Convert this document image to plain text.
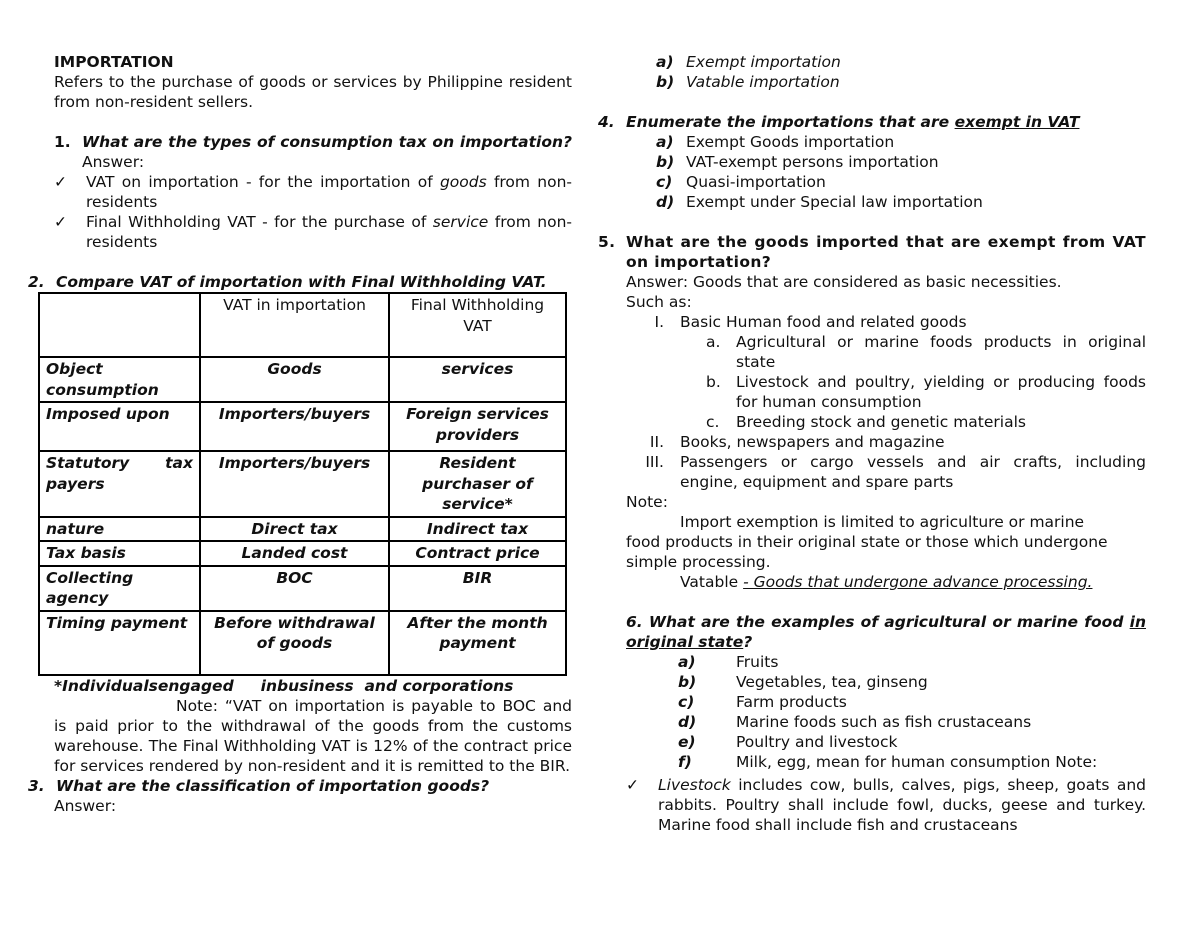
IMPORTATION

Refers to the purchase of goods or services by Philippine resident from non-resident sellers.

1. What are the types of consumption tax on importation? Answer:

✓ VAT on importation - for the importation of goods from non-residents

✓ Final Withholding VAT - for the purchase of service from non-residents

2. Compare VAT of importation with Final Withholding VAT.

	VAT in importation	Final Withholding VAT
Object consumption	Goods	services
Imposed upon	Importers/buyers	Foreign services providers
Statutory tax payers	Importers/buyers	Resident purchaser of service*
nature	Direct tax	Indirect tax
Tax basis	Landed cost	Contract price
Collecting agency	BOC	BIR
Timing payment	Before withdrawal of goods	After the month payment

*Individualsengaged     inbusiness  and corporations

Note: “VAT on importation is payable to BOC and is paid prior to the withdrawal of the goods from the customs warehouse. The Final Withholding VAT is 12% of the contract price for services rendered by non-resident and it is remitted to the BIR.

3. What are the classification of importation goods?

Answer:

a) Exempt importation

b) Vatable importation

4. Enumerate the importations that are exempt in VAT

a) Exempt Goods importation

b) VAT-exempt persons importation

c) Quasi-importation

d) Exempt under Special law importation

5. What are the goods imported that are exempt from VAT on importation?

Answer: Goods that are considered as basic necessities.

Such as:

I. Basic Human food and related goods

a. Agricultural or marine foods products in original state

b. Livestock and poultry, yielding or producing foods for human consumption

c. Breeding stock and genetic materials

II. Books, newspapers and magazine

III. Passengers or cargo vessels and air crafts, including engine, equipment and spare parts

Note:

Import exemption is limited to agriculture or marine

food products in their original state or those which undergone simple processing.

Vatable - Goods that undergone advance processing.

6. What are the examples of agricultural or marine food in original state?

a)	Fruits

b)	Vegetables, tea, ginseng

c)	Farm products

d)	Marine foods such as fish crustaceans

e)	Poultry and livestock

f)	Milk, egg, mean for human consumption Note:

✓ Livestock includes cow, bulls, calves, pigs, sheep, goats and rabbits. Poultry shall include fowl, ducks, geese and turkey. Marine food shall include fish and crustaceans
